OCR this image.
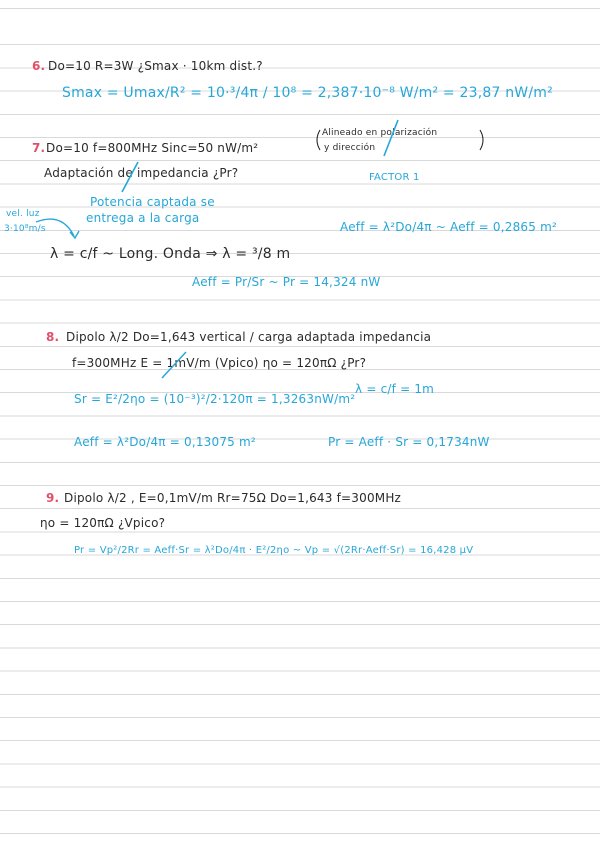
6. Do=10 R=3W ¿Smax · 10km dist.?
Smax = Umax/R² = 10·³/4π / 10⁸ = 2,387·10⁻⁸ W/m² = 23,87 nW/m²
7. Do=10 f=800MHz Sinc=50 nW/m²
Alineado en polarización
y dirección
FACTOR 1
Adaptación de impedancia ¿Pr?
Potencia captada se
entrega a la carga
vel. luz
3·10⁸m/s	Aeff = λ²Do/4π ~ Aeff = 0,2865 m²
λ = c/f ~ Long. Onda ⇒ λ = ³/8 m
Aeff = Pr/Sr ~ Pr = 14,324 nW
8. Dipolo λ/2 Do=1,643 vertical / carga adaptada impedancia
f=300MHz E = 1mV/m (Vpico) ηo = 120πΩ ¿Pr?
Sr = E²/2ηo = (10⁻³)²/2·120π = 1,3263nW/m²
λ = c/f = 1m
Aeff = λ²Do/4π = 0,13075 m²	Pr = Aeff · Sr = 0,1734nW
9. Dipolo λ/2 , E=0,1mV/m Rr=75Ω Do=1,643 f=300MHz
ηo = 120πΩ ¿Vpico?
Pr = Vp²/2Rr = Aeff·Sr = λ²Do/4π · E²/2ηo ~ Vp = √(2Rr·Aeff·Sr) = 16,428 μV
